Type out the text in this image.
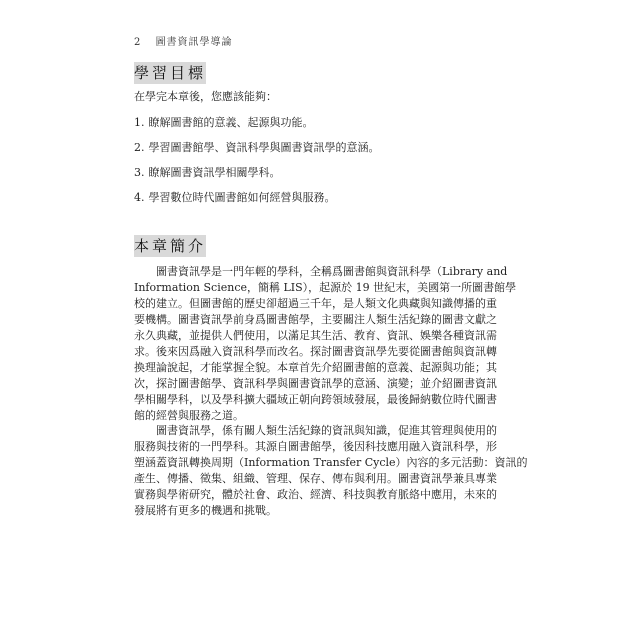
2 圖書資訊學導論
學習目標
在學完本章後，您應該能夠：
1. 瞭解圖書館的意義、起源與功能。
2. 學習圖書館學、資訊科學與圖書資訊學的意涵。
3. 瞭解圖書資訊學相關學科。
4. 學習數位時代圖書館如何經營與服務。
本章簡介
　　圖書資訊學是一門年輕的學科，全稱爲圖書館與資訊科學（Library and
Information Science，簡稱 LIS），起源於 19 世紀末，美國第一所圖書館學
校的建立。但圖書館的歷史卻超過三千年，是人類文化典藏與知識傳播的重
要機構。圖書資訊學前身爲圖書館學，主要關注人類生活紀錄的圖書文獻之
永久典藏，並提供人們使用，以滿足其生活、教育、資訊、娛樂各種資訊需
求。後來因爲融入資訊科學而改名。探討圖書資訊學先要從圖書館與資訊轉
換理論說起，才能掌握全貌。本章首先介紹圖書館的意義、起源與功能；其
次，探討圖書館學、資訊科學與圖書資訊學的意涵、演變；並介紹圖書資訊
學相關學科，以及學科擴大疆域正朝向跨領域發展，最後歸納數位時代圖書
館的經營與服務之道。
　　圖書資訊學，係有關人類生活紀錄的資訊與知識，促進其管理與使用的
服務與技術的一門學科。其源自圖書館學，後因科技應用融入資訊科學，形
塑涵蓋資訊轉換周期（Information Transfer Cycle）內容的多元活動：資訊的
產生、傳播、徵集、組織、管理、保存、傳布與利用。圖書資訊學兼具專業
實務與學術研究，體於社會、政治、經濟、科技與教育脈絡中應用，未來的
發展將有更多的機遇和挑戰。
